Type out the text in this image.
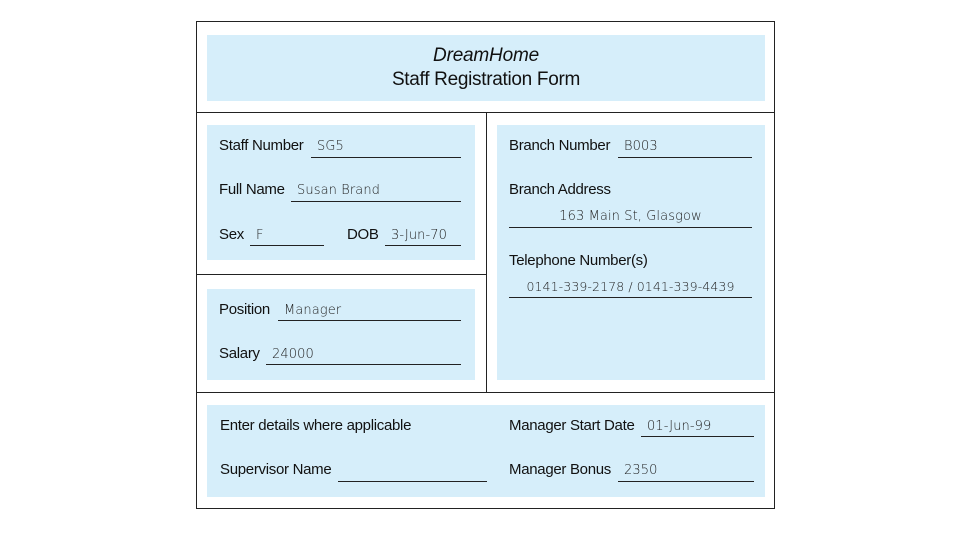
DreamHome
Staff Registration Form
Staff Number SG5
Full Name Susan Brand
Sex F	DOB 3-Jun-70
Position Manager
Salary 24000
Branch Number B003
Branch Address
163 Main St, Glasgow
Telephone Number(s)
0141-339-2178 / 0141-339-4439
Enter details where applicable
Supervisor Name
Manager Start Date 01-Jun-99
Manager Bonus 2350
